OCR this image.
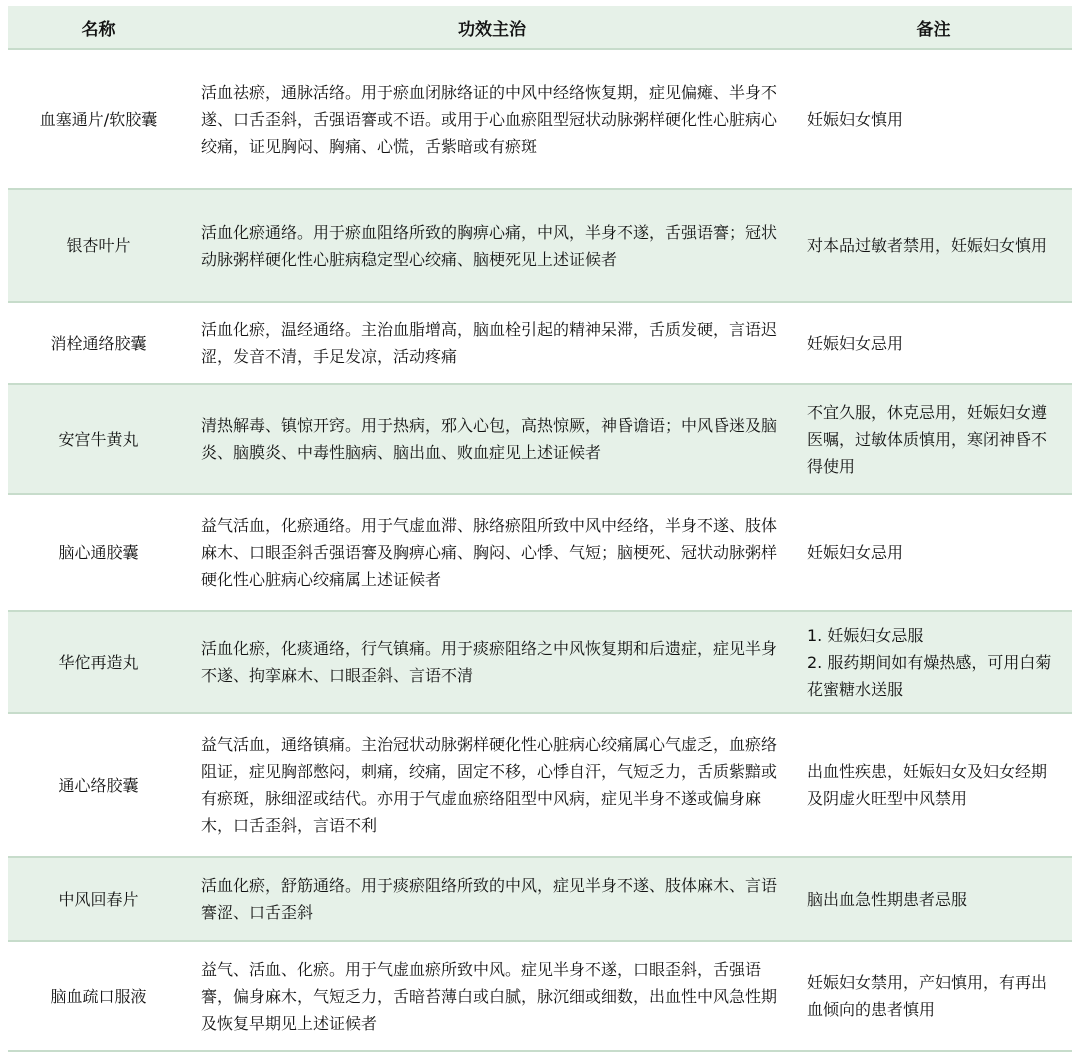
名称	功效主治	备注
血塞通片/软胶囊	活血祛瘀，通脉活络。用于瘀血闭脉络证的中风中经络恢复期，症见偏瘫、半身不遂、口舌歪斜，舌强语謇或不语。或用于心血瘀阻型冠状动脉粥样硬化性心脏病心绞痛，证见胸闷、胸痛、心慌，舌紫暗或有瘀斑	妊娠妇女慎用
银杏叶片	活血化瘀通络。用于瘀血阻络所致的胸痹心痛，中风，半身不遂，舌强语謇；冠状动脉粥样硬化性心脏病稳定型心绞痛、脑梗死见上述证候者	对本品过敏者禁用，妊娠妇女慎用
消栓通络胶囊	活血化瘀，温经通络。主治血脂增高，脑血栓引起的精神呆滞，舌质发硬，言语迟涩，发音不清，手足发凉，活动疼痛	妊娠妇女忌用
安宫牛黄丸	清热解毒、镇惊开窍。用于热病，邪入心包，高热惊厥，神昏谵语；中风昏迷及脑炎、脑膜炎、中毒性脑病、脑出血、败血症见上述证候者	不宜久服，休克忌用，妊娠妇女遵医嘱，过敏体质慎用，寒闭神昏不得使用
脑心通胶囊	益气活血，化瘀通络。用于气虚血滞、脉络瘀阻所致中风中经络，半身不遂、肢体麻木、口眼歪斜舌强语謇及胸痹心痛、胸闷、心悸、气短；脑梗死、冠状动脉粥样硬化性心脏病心绞痛属上述证候者	妊娠妇女忌用
华佗再造丸	活血化瘀，化痰通络，行气镇痛。用于痰瘀阻络之中风恢复期和后遗症，症见半身不遂、拘挛麻木、口眼歪斜、言语不清	1. 妊娠妇女忌服
2. 服药期间如有燥热感，可用白菊花蜜糖水送服

通心络胶囊	益气活血，通络镇痛。主治冠状动脉粥样硬化性心脏病心绞痛属心气虚乏，血瘀络阻证，症见胸部憋闷，刺痛，绞痛，固定不移，心悸自汗，气短乏力，舌质紫黯或有瘀斑，脉细涩或结代。亦用于气虚血瘀络阻型中风病，症见半身不遂或偏身麻木，口舌歪斜，言语不利	出血性疾患，妊娠妇女及妇女经期及阴虚火旺型中风禁用
中风回春片	活血化瘀，舒筋通络。用于痰瘀阻络所致的中风，症见半身不遂、肢体麻木、言语謇涩、口舌歪斜	脑出血急性期患者忌服
脑血疏口服液	益气、活血、化瘀。用于气虚血瘀所致中风。症见半身不遂，口眼歪斜，舌强语謇，偏身麻木，气短乏力，舌暗苔薄白或白腻，脉沉细或细数，出血性中风急性期及恢复早期见上述证候者	妊娠妇女禁用，产妇慎用，有再出血倾向的患者慎用
